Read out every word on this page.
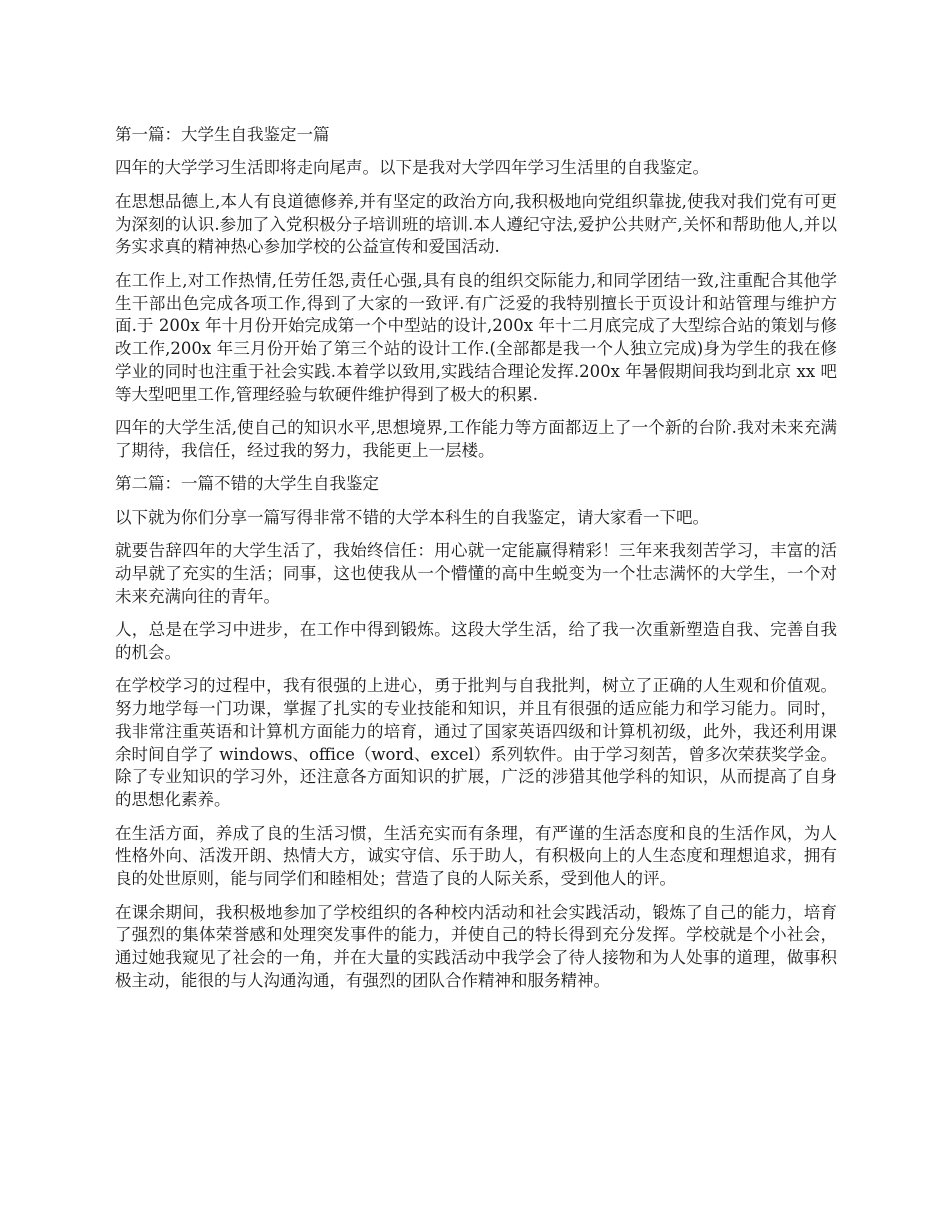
第一篇：大学生自我鉴定一篇

四年的大学学习生活即将走向尾声。以下是我对大学四年学习生活里的自我鉴定。

在思想品德上,本人有良道德修养,并有坚定的政治方向,我积极地向党组织靠拢,使我对我们党有可更为深刻的认识.参加了入党积极分子培训班的培训.本人遵纪守法,爱护公共财产,关怀和帮助他人,并以务实求真的精神热心参加学校的公益宣传和爱国活动.

在工作上,对工作热情,任劳任怨,责任心强,具有良的组织交际能力,和同学团结一致,注重配合其他学生干部出色完成各项工作,得到了大家的一致评.有广泛爱的我特别擅长于页设计和站管理与维护方面.于 200x 年十月份开始完成第一个中型站的设计,200x 年十二月底完成了大型综合站的策划与修改工作,200x 年三月份开始了第三个站的设计工作.(全部都是我一个人独立完成)身为学生的我在修学业的同时也注重于社会实践.本着学以致用,实践结合理论发挥.200x 年暑假期间我均到北京 xx 吧等大型吧里工作,管理经验与软硬件维护得到了极大的积累.

四年的大学生活,使自己的知识水平,思想境界,工作能力等方面都迈上了一个新的台阶.我对未来充满了期待，我信任，经过我的努力，我能更上一层楼。

第二篇：一篇不错的大学生自我鉴定

以下就为你们分享一篇写得非常不错的大学本科生的自我鉴定，请大家看一下吧。

就要告辞四年的大学生活了，我始终信任：用心就一定能赢得精彩！三年来我刻苦学习，丰富的活动早就了充实的生活；同事，这也使我从一个懵懂的高中生蜕变为一个壮志满怀的大学生，一个对未来充满向往的青年。

人，总是在学习中进步，在工作中得到锻炼。这段大学生活，给了我一次重新塑造自我、完善自我的机会。

在学校学习的过程中，我有很强的上进心，勇于批判与自我批判，树立了正确的人生观和价值观。努力地学每一门功课，掌握了扎实的专业技能和知识，并且有很强的适应能力和学习能力。同时，我非常注重英语和计算机方面能力的培育，通过了国家英语四级和计算机初级，此外，我还利用课余时间自学了 windows、office（word、excel）系列软件。由于学习刻苦，曾多次荣获奖学金。除了专业知识的学习外，还注意各方面知识的扩展，广泛的涉猎其他学科的知识，从而提高了自身的思想化素养。

在生活方面，养成了良的生活习惯，生活充实而有条理，有严谨的生活态度和良的生活作风，为人性格外向、活泼开朗、热情大方，诚实守信、乐于助人，有积极向上的人生态度和理想追求，拥有良的处世原则，能与同学们和睦相处；营造了良的人际关系，受到他人的评。

在课余期间，我积极地参加了学校组织的各种校内活动和社会实践活动，锻炼了自己的能力，培育了强烈的集体荣誉感和处理突发事件的能力，并使自己的特长得到充分发挥。学校就是个小社会，通过她我窥见了社会的一角，并在大量的实践活动中我学会了待人接物和为人处事的道理，做事积极主动，能很的与人沟通沟通，有强烈的团队合作精神和服务精神。
